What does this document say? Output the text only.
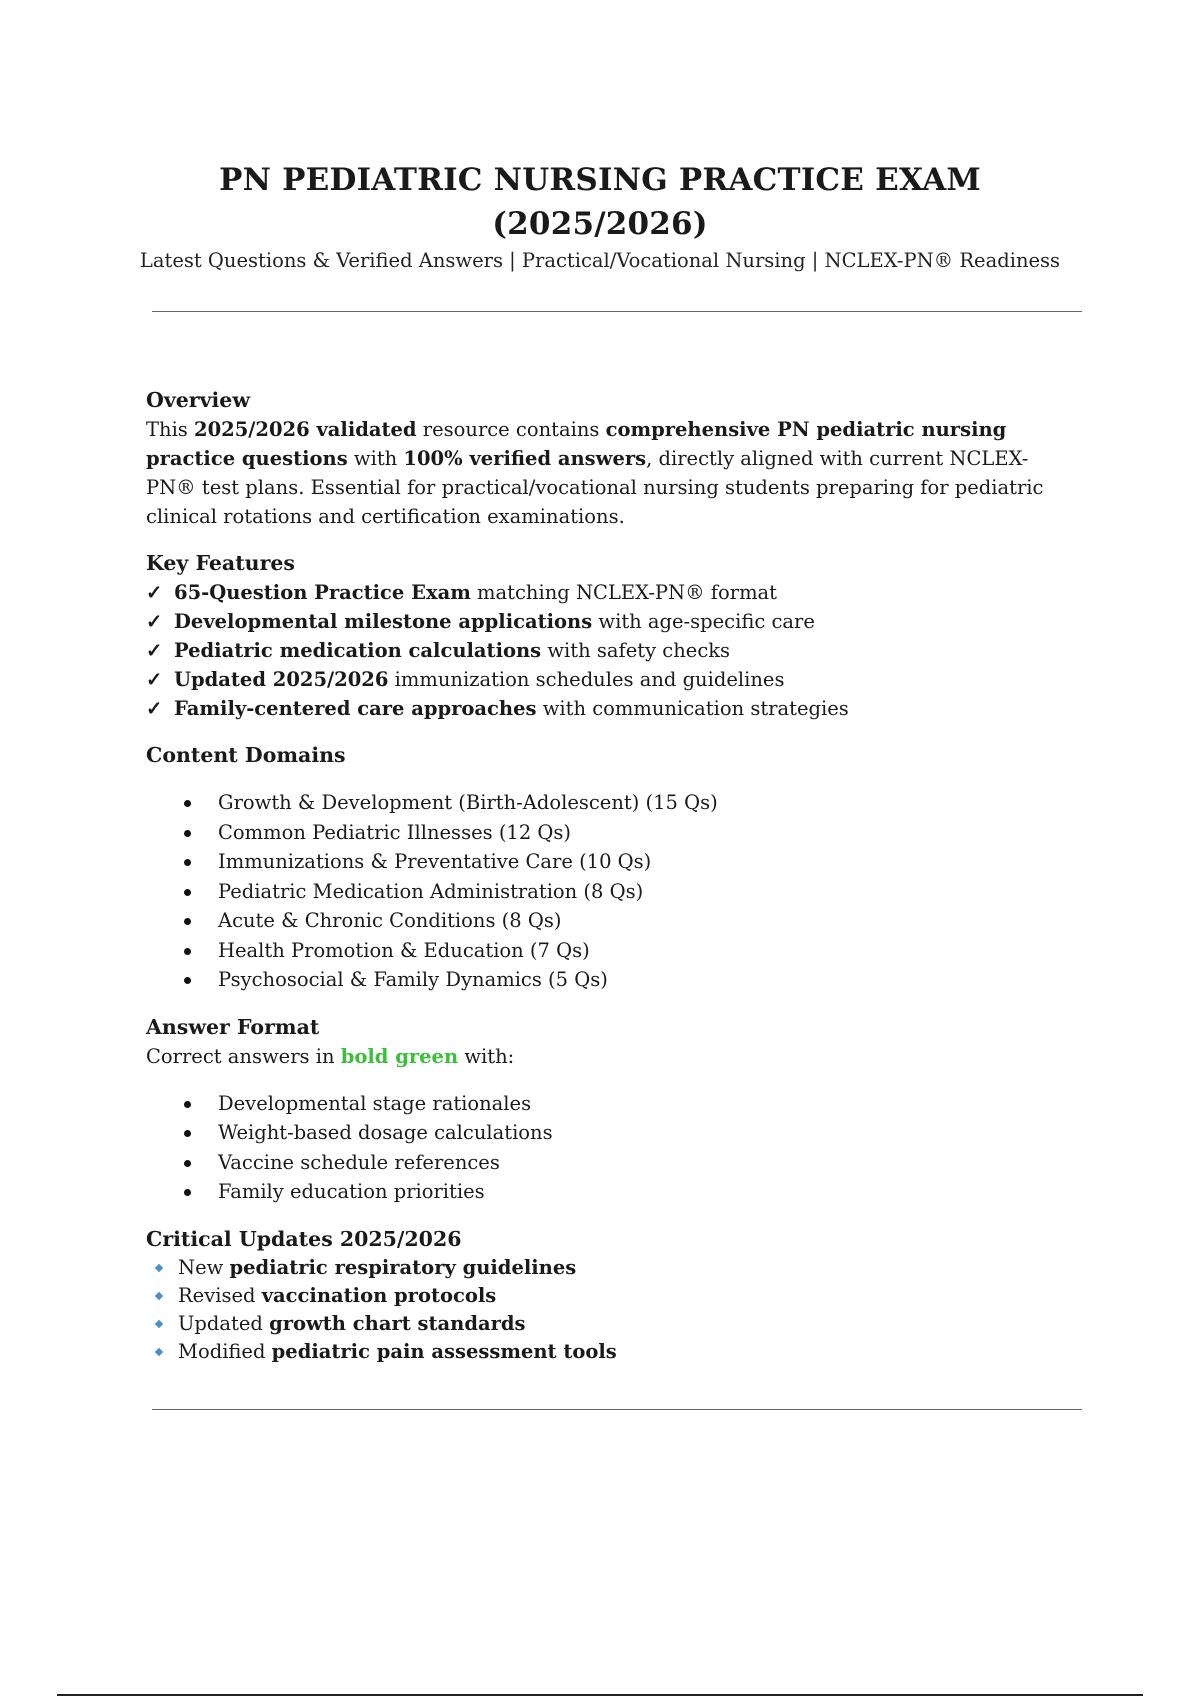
PN PEDIATRIC NURSING PRACTICE EXAM
(2025/2026)
Latest Questions & Verified Answers | Practical/Vocational Nursing | NCLEX-PN® Readiness
Overview

This 2025/2026 validated resource contains comprehensive PN pediatric nursing practice questions with 100% verified answers, directly aligned with current NCLEX-PN® test plans. Essential for practical/vocational nursing students preparing for pediatric clinical rotations and certification examinations.

Key Features
✓ 65-Question Practice Exam matching NCLEX-PN® format
✓ Developmental milestone applications with age-specific care
✓ Pediatric medication calculations with safety checks
✓ Updated 2025/2026 immunization schedules and guidelines
✓ Family-centered care approaches with communication strategies
Content Domains
Growth & Development (Birth-Adolescent) (15 Qs)
Common Pediatric Illnesses (12 Qs)
Immunizations & Preventative Care (10 Qs)
Pediatric Medication Administration (8 Qs)
Acute & Chronic Conditions (8 Qs)
Health Promotion & Education (7 Qs)
Psychosocial & Family Dynamics (5 Qs)
Answer Format

Correct answers in bold green with:

Developmental stage rationales
Weight-based dosage calculations
Vaccine schedule references
Family education priorities
Critical Updates 2025/2026
New pediatric respiratory guidelines
Revised vaccination protocols
Updated growth chart standards
Modified pediatric pain assessment tools
